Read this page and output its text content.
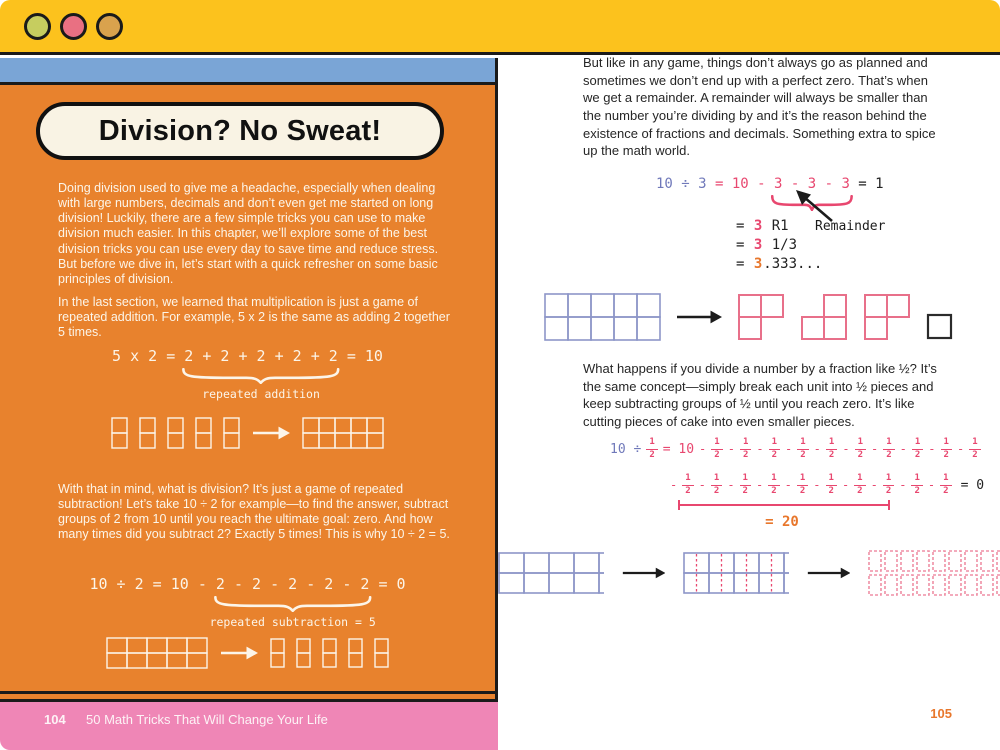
Division? No Sweat!

Doing division used to give me a headache, especially when dealing with large numbers, decimals and don’t even get me started on long division! Luckily, there are a few simple tricks you can use to make division much easier. In this chapter, we’ll explore some of the best division tricks you can use every day to save time and reduce stress. But before we dive in, let’s start with a quick refresher on some basic principles of division.

In the last section, we learned that multiplication is just a game of repeated addition. For example, 5 x 2 is the same as adding 2 together 5 times.

5 x 2 = 2 + 2 + 2 + 2 + 2
repeated addition
= 10

With that in mind, what is division? It’s just a game of repeated subtraction! Let’s take 10 ÷ 2 for example—to find the answer, subtract groups of 2 from 10 until you reach the ultimate goal: zero. And how many times did you subtract 2? Exactly 5 times! This is why 10 ÷ 2 = 5.

10 ÷ 2 = 10 - 2 - 2 - 2 - 2 - 2
repeated subtraction = 5
= 0
104 50 Math Tricks That Will Change Your Life

But like in any game, things don’t always go as planned and sometimes we don’t end up with a perfect zero. That’s when we get a remainder. A remainder will always be smaller than the number you’re dividing by and it’s the reason behind the existence of fractions and decimals. Something extra to spice up the math world.

10 ÷ 3 = 10 - 3 - 3 - 3
= 1
= 3 R1
= 3 1/3
= 3.333...
Remainder

What happens if you divide a number by a fraction like ½? It’s the same concept—simply break each unit into ½ pieces and keep subtracting groups of ½ until you reach zero. It’s like cutting pieces of cake into even smaller pieces.

$10 \div \frac{1}{2} = 10 - \frac{1}{2} - \frac{1}{2} - \frac{1}{2} - \frac{1}{2} - \frac{1}{2} - \frac{1}{2} - \frac{1}{2} - \frac{1}{2} - \frac{1}{2} - \frac{1}{2}$
- $\frac{1}{2} - \frac{1}{2} - \frac{1}{2} - \frac{1}{2} - \frac{1}{2} - \frac{1}{2} - \frac{1}{2} - \frac{1}{2} - \frac{1}{2} - \frac{1}{2} = 0$
= 20
105
